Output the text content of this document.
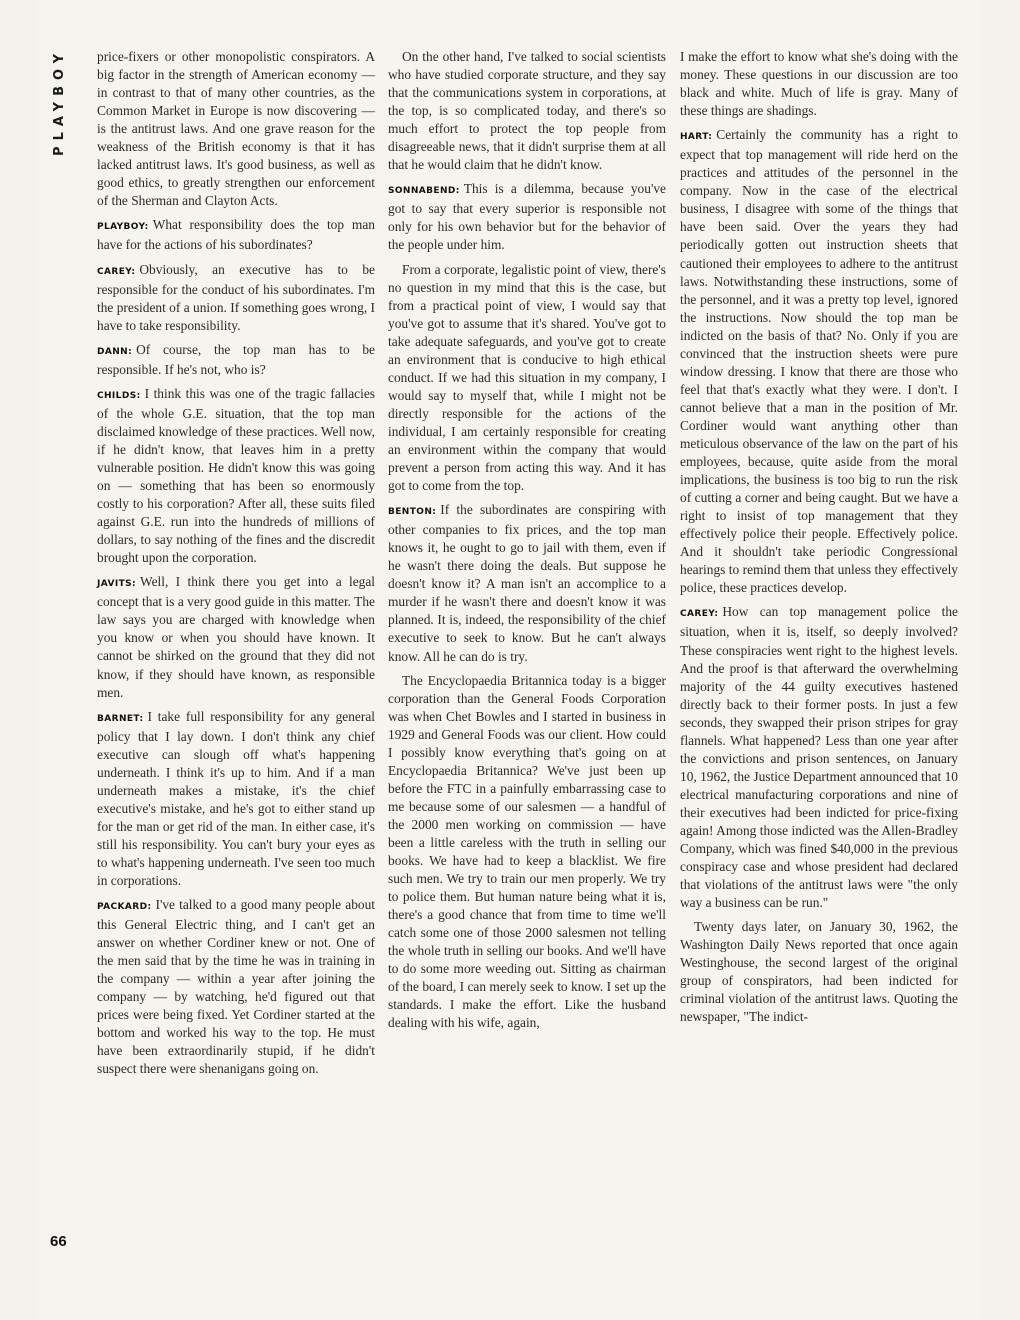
PLAYBOY
66

price-fixers or other monopolistic conspirators. A big factor in the strength of American economy — in contrast to that of many other countries, as the Common Market in Europe is now discovering — is the antitrust laws. And one grave reason for the weakness of the British economy is that it has lacked antitrust laws. It's good business, as well as good ethics, to greatly strengthen our enforcement of the Sherman and Clayton Acts.

PLAYBOY: What responsibility does the top man have for the actions of his subordinates?

CAREY: Obviously, an executive has to be responsible for the conduct of his subordinates. I'm the president of a union. If something goes wrong, I have to take responsibility.

DANN: Of course, the top man has to be responsible. If he's not, who is?

CHILDS: I think this was one of the tragic fallacies of the whole G.E. situation, that the top man disclaimed knowledge of these practices. Well now, if he didn't know, that leaves him in a pretty vulnerable position. He didn't know this was going on — something that has been so enormously costly to his corporation? After all, these suits filed against G.E. run into the hundreds of millions of dollars, to say nothing of the fines and the discredit brought upon the corporation.

JAVITS: Well, I think there you get into a legal concept that is a very good guide in this matter. The law says you are charged with knowledge when you know or when you should have known. It cannot be shirked on the ground that they did not know, if they should have known, as responsible men.

BARNET: I take full responsibility for any general policy that I lay down. I don't think any chief executive can slough off what's happening underneath. I think it's up to him. And if a man underneath makes a mistake, it's the chief executive's mistake, and he's got to either stand up for the man or get rid of the man. In either case, it's still his responsibility. You can't bury your eyes as to what's happening underneath. I've seen too much in corporations.

PACKARD: I've talked to a good many people about this General Electric thing, and I can't get an answer on whether Cordiner knew or not. One of the men said that by the time he was in training in the company — within a year after joining the company — by watching, he'd figured out that prices were being fixed. Yet Cordiner started at the bottom and worked his way to the top. He must have been extraordinarily stupid, if he didn't suspect there were shenanigans going on.

On the other hand, I've talked to social scientists who have studied corporate structure, and they say that the communications system in corporations, at the top, is so complicated today, and there's so much effort to protect the top people from disagreeable news, that it didn't surprise them at all that he would claim that he didn't know.

SONNABEND: This is a dilemma, because you've got to say that every superior is responsible not only for his own behavior but for the behavior of the people under him.

From a corporate, legalistic point of view, there's no question in my mind that this is the case, but from a practical point of view, I would say that you've got to assume that it's shared. You've got to take adequate safeguards, and you've got to create an environment that is conducive to high ethical conduct. If we had this situation in my company, I would say to myself that, while I might not be directly responsible for the actions of the individual, I am certainly responsible for creating an environment within the company that would prevent a person from acting this way. And it has got to come from the top.

BENTON: If the subordinates are conspiring with other companies to fix prices, and the top man knows it, he ought to go to jail with them, even if he wasn't there doing the deals. But suppose he doesn't know it? A man isn't an accomplice to a murder if he wasn't there and doesn't know it was planned. It is, indeed, the responsibility of the chief executive to seek to know. But he can't always know. All he can do is try.

The Encyclopaedia Britannica today is a bigger corporation than the General Foods Corporation was when Chet Bowles and I started in business in 1929 and General Foods was our client. How could I possibly know everything that's going on at Encyclopaedia Britannica? We've just been up before the FTC in a painfully embarrassing case to me because some of our salesmen — a handful of the 2000 men working on commission — have been a little careless with the truth in selling our books. We have had to keep a blacklist. We fire such men. We try to train our men properly. We try to police them. But human nature being what it is, there's a good chance that from time to time we'll catch some one of those 2000 salesmen not telling the whole truth in selling our books. And we'll have to do some more weeding out. Sitting as chairman of the board, I can merely seek to know. I set up the standards. I make the effort. Like the husband dealing with his wife, again,

I make the effort to know what she's doing with the money. These questions in our discussion are too black and white. Much of life is gray. Many of these things are shadings.

HART: Certainly the community has a right to expect that top management will ride herd on the practices and attitudes of the personnel in the company. Now in the case of the electrical business, I disagree with some of the things that have been said. Over the years they had periodically gotten out instruction sheets that cautioned their employees to adhere to the antitrust laws. Notwithstanding these instructions, some of the personnel, and it was a pretty top level, ignored the instructions. Now should the top man be indicted on the basis of that? No. Only if you are convinced that the instruction sheets were pure window dressing. I know that there are those who feel that that's exactly what they were. I don't. I cannot believe that a man in the position of Mr. Cordiner would want anything other than meticulous observance of the law on the part of his employees, because, quite aside from the moral implications, the business is too big to run the risk of cutting a corner and being caught. But we have a right to insist of top management that they effectively police their people. Effectively police. And it shouldn't take periodic Congressional hearings to remind them that unless they effectively police, these practices develop.

CAREY: How can top management police the situation, when it is, itself, so deeply involved? These conspiracies went right to the highest levels. And the proof is that afterward the overwhelming majority of the 44 guilty executives hastened directly back to their former posts. In just a few seconds, they swapped their prison stripes for gray flannels. What happened? Less than one year after the convictions and prison sentences, on January 10, 1962, the Justice Department announced that 10 electrical manufacturing corporations and nine of their executives had been indicted for price-fixing again! Among those indicted was the Allen-Bradley Company, which was fined $40,000 in the previous conspiracy case and whose president had declared that violations of the antitrust laws were "the only way a business can be run."

Twenty days later, on January 30, 1962, the Washington Daily News reported that once again Westinghouse, the second largest of the original group of conspirators, had been indicted for criminal violation of the antitrust laws. Quoting the newspaper, "The indict-
